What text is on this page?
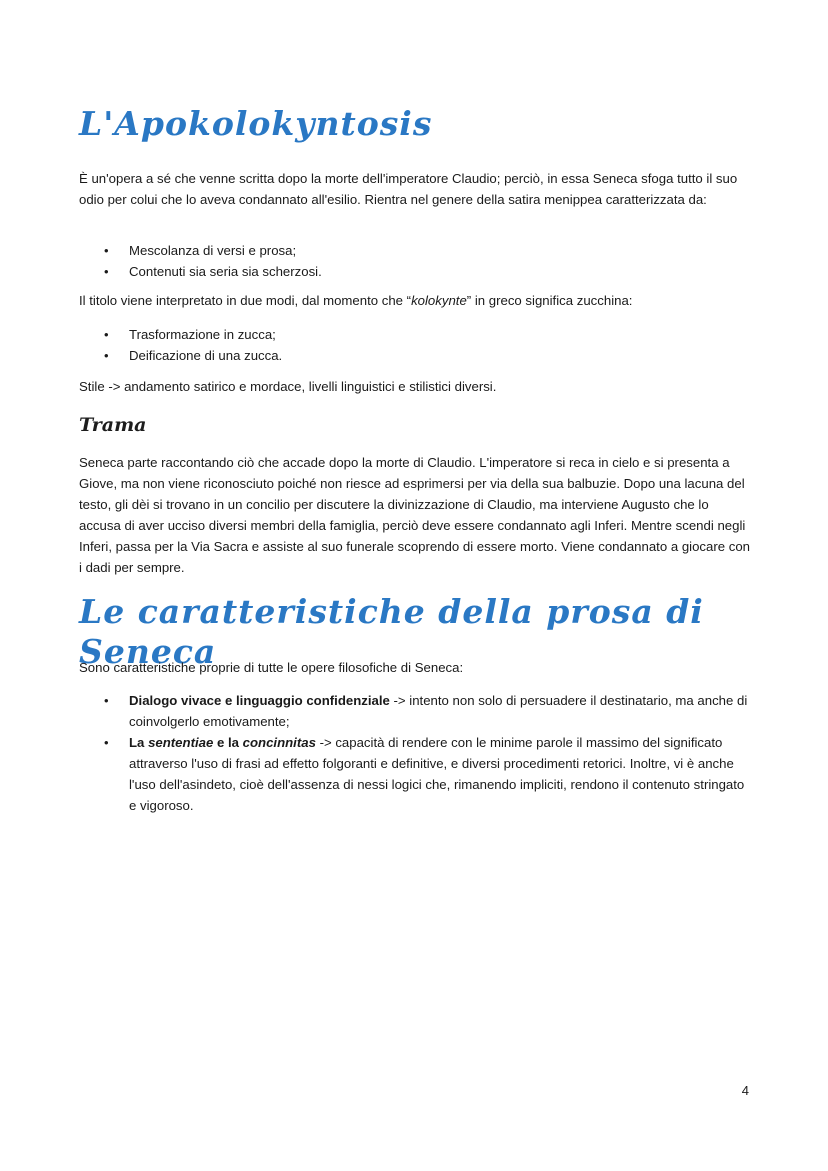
L'Apokolokyntosis

È un'opera a sé che venne scritta dopo la morte dell'imperatore Claudio; perciò, in essa Seneca sfoga tutto il suo odio per colui che lo aveva condannato all'esilio. Rientra nel genere della satira menippea caratterizzata da:

• Mescolanza di versi e prosa;
• Contenuti sia seria sia scherzosi.

Il titolo viene interpretato in due modi, dal momento che “kolokynte” in greco significa zucchina:

• Trasformazione in zucca;
• Deificazione di una zucca.

Stile -> andamento satirico e mordace, livelli linguistici e stilistici diversi.

Trama

Seneca parte raccontando ciò che accade dopo la morte di Claudio. L'imperatore si reca in cielo e si presenta a Giove, ma non viene riconosciuto poiché non riesce ad esprimersi per via della sua balbuzie. Dopo una lacuna del testo, gli dèi si trovano in un concilio per discutere la divinizzazione di Claudio, ma interviene Augusto che lo accusa di aver ucciso diversi membri della famiglia, perciò deve essere condannato agli Inferi. Mentre scendi negli Inferi, passa per la Via Sacra e assiste al suo funerale scoprendo di essere morto. Viene condannato a giocare con i dadi per sempre.

Le caratteristiche della prosa di Seneca

Sono caratteristiche proprie di tutte le opere filosofiche di Seneca:

• Dialogo vivace e linguaggio confidenziale -> intento non solo di persuadere il destinatario, ma anche di coinvolgerlo emotivamente;
• La sententiae e la concinnitas -> capacità di rendere con le minime parole il massimo del significato attraverso l'uso di frasi ad effetto folgoranti e definitive, e diversi procedimenti retorici. Inoltre, vi è anche l'uso dell'asindeto, cioè dell'assenza di nessi logici che, rimanendo impliciti, rendono il contenuto stringato e vigoroso.
4
